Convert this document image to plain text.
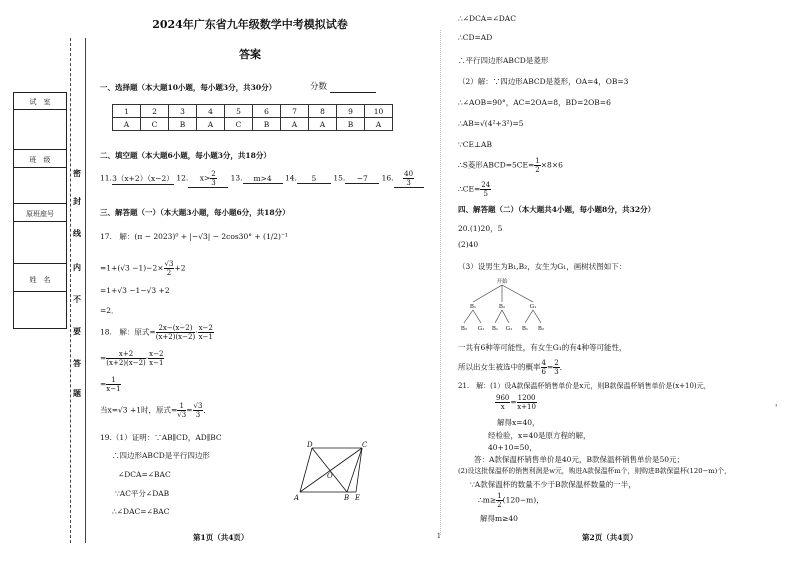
试　室
班　级
原班座号
姓　名
密
封
线
内
不
要
答
题
2024年广东省九年级数学中考模拟试卷
答案
一、选择题（本大题10小题，每小题3分，共30分）	分数
1	2	3	4	5	6	7	8	9	10
A	C	B	A	C	B	A	A	B	A
二、填空题（本大题6小题，每小题3分，共18分）
11.3（x+2）（x−2） 12. $x> \frac{2}{3} 13$. m>4 14. 5 15. −7 16. $\frac{40}{3}$
三、解答题（一）（本大题3小题，每小题6分，共18分）
17.　解：(π − 2023)⁰ + |−√3| − 2cos30° + (1/2)⁻¹
$=1+(√3 -1)-2\times \frac{√3}{2} +2$
=1+√3 −1−√3 +2
=2．
18.　解：原式= $\frac{2x-(x-2)}{(x+2)(x-2)} \cdot \frac{x-2}{x-1}$
= $\frac{x+2}{(x+2)(x-2)} \cdot \frac{x-2}{x-1}$
= $\frac{1}{x-1}$
当x=√3 +1时，原式= $\frac{1}{√3} = \frac{√3}{3}$ ．
19.（1）证明：∵AB∥CD，AD∥BC
∴四边形ABCD是平行四边形
∠DCA=∠BAC
∵AC平分∠DAB
∴∠DAC=∠BAC
D	C
O
A	B E
∴∠DCA=∠DAC
∴CD=AD
∴平行四边形ABCD是菱形
（2）解：∵四边形ABCD是菱形，OA=4，OB=3
∴∠AOB=90°，AC=2OA=8，BD=2OB=6
∴AB=√(4²+3²)=5
∵CE⊥AB
∴S菱形ABCD=5CE= $\frac{1}{2} \times 8\times 6$
∴CE= $\frac{24}{5}$
四、解答题（二）（本大题共4小题，每小题8分，共32分）
20.(1)20，5
(2)40
（3）设男生为B₁,B₂，女生为G₁，画树状图如下：
开始
B₁	B₂	G₁
B₂ G₁ B₁ G₁ B₁ B₂
一共有6种等可能性，有女生G₁的有4种等可能性，
所以出女生被选中的概率 $\frac{4}{6} = \frac{2}{3}$ ．
21.　解：(1）设A款保温杯销售单价是x元，则B款保温杯销售单价是(x+10)元，
$\frac{960}{x} = \frac{1200}{x+10}$	，
解得x=40，
经检验，x=40是原方程的解，
40+10=50，
答：A款保温杯销售单价是40元，B款保温杯销售单价是50元；
(2)设这批保温杯的销售利润是w元，购进A款保温杯m个，则购进B款保温杯(120−m)个，
∵A款保温杯的数量不少于B款保温杯数量的一半，
∴m≥ $\frac{1}{2} (120-m)$，
解得m≥40
第1页（共4页）	1	第2页（共4页）
